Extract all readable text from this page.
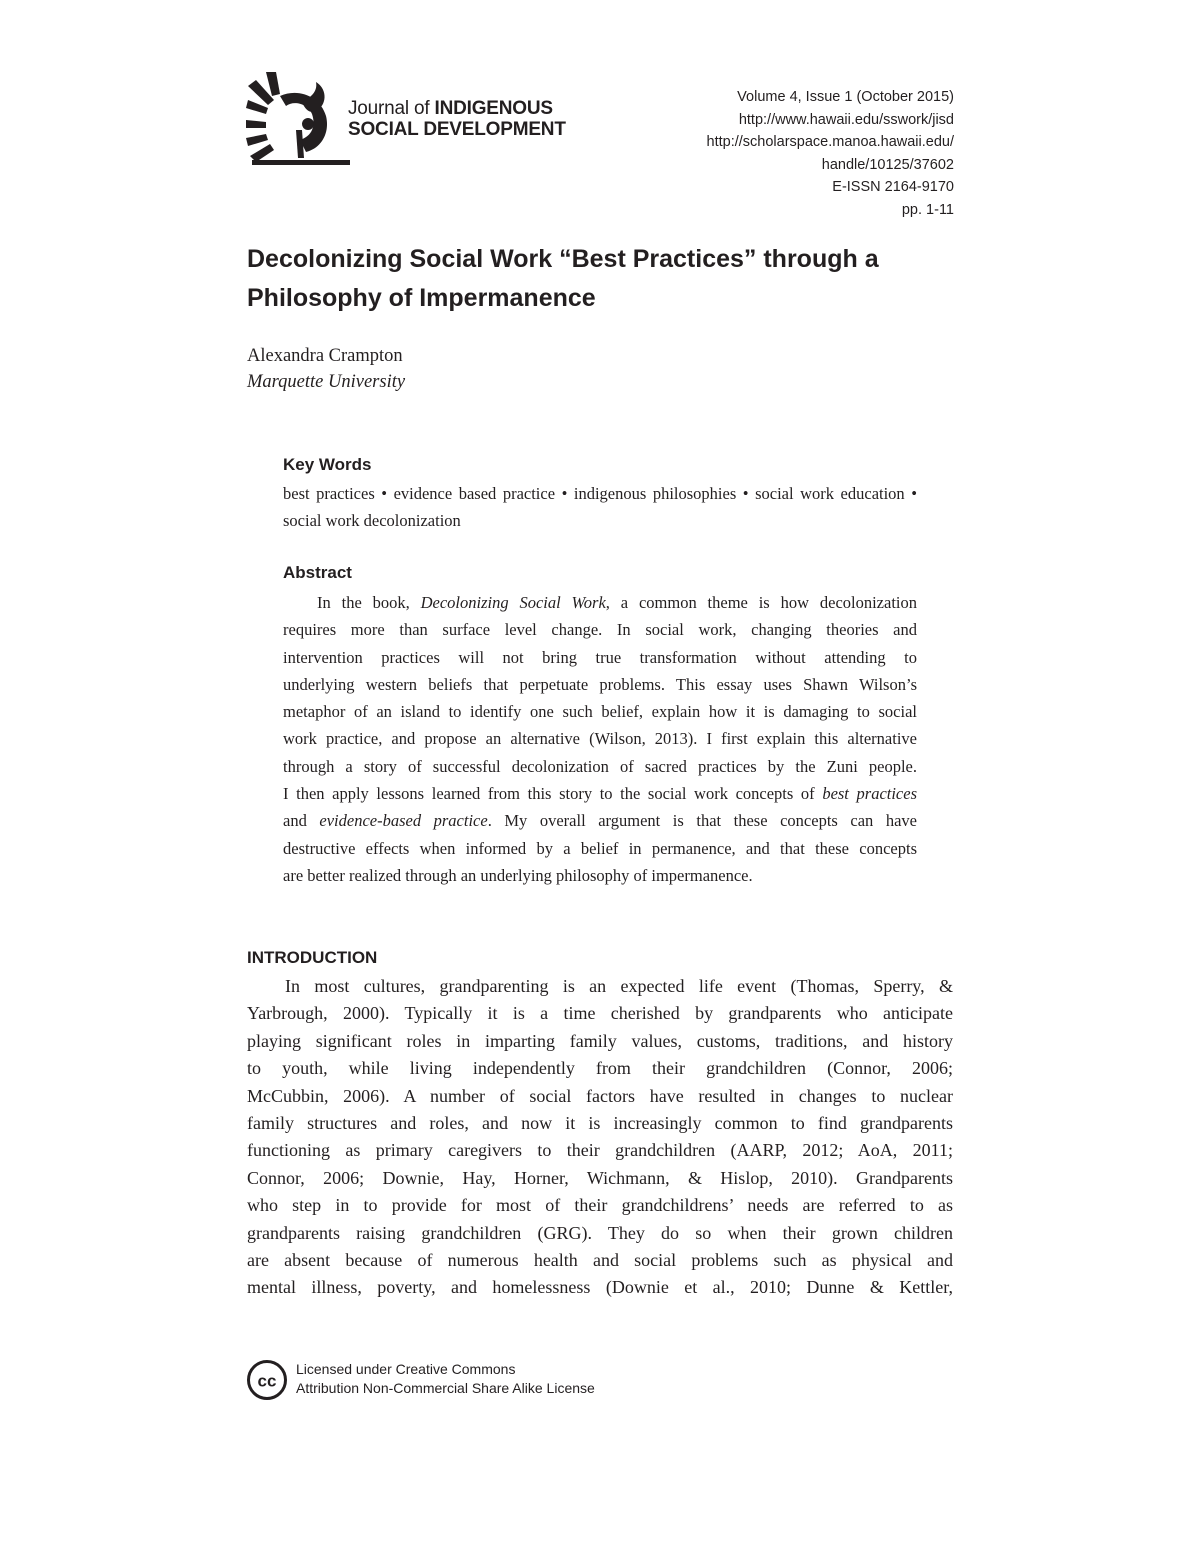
Journal of INDIGENOUS
SOCIAL DEVELOPMENT
Volume 4, Issue 1 (October 2015)
http://www.hawaii.edu/sswork/jisd
http://scholarspace.manoa.hawaii.edu/
handle/10125/37602
E-ISSN 2164-9170
pp. 1-11
Decolonizing Social Work “Best Practices” through a
Philosophy of Impermanence
Alexandra Crampton
Marquette University
Key Words
best practices • evidence based practice • indigenous philosophies • social work education • social work decolonization
Abstract
In the book, Decolonizing Social Work, a common theme is how decolonization
requires more than surface level change. In social work, changing theories and
intervention practices will not bring true transformation without attending to
underlying western beliefs that perpetuate problems. This essay uses Shawn Wilson’s
metaphor of an island to identify one such belief, explain how it is damaging to social
work practice, and propose an alternative (Wilson, 2013). I first explain this alternative
through a story of successful decolonization of sacred practices by the Zuni people.
I then apply lessons learned from this story to the social work concepts of best practices
and evidence-based practice. My overall argument is that these concepts can have
destructive effects when informed by a belief in permanence, and that these concepts
are better realized through an underlying philosophy of impermanence.
INTRODUCTION
In most cultures, grandparenting is an expected life event (Thomas, Sperry, &
Yarbrough, 2000). Typically it is a time cherished by grandparents who anticipate
playing significant roles in imparting family values, customs, traditions, and history
to youth, while living independently from their grandchildren (Connor, 2006;
McCubbin, 2006). A number of social factors have resulted in changes to nuclear
family structures and roles, and now it is increasingly common to find grandparents
functioning as primary caregivers to their grandchildren (AARP, 2012; AoA, 2011;
Connor, 2006; Downie, Hay, Horner, Wichmann, & Hislop, 2010). Grandparents
who step in to provide for most of their grandchildrens’ needs are referred to as
grandparents raising grandchildren (GRG). They do so when their grown children
are absent because of numerous health and social problems such as physical and
mental illness, poverty, and homelessness (Downie et al., 2010; Dunne & Kettler,
cc
Licensed under Creative Commons
Attribution Non-Commercial Share Alike License
